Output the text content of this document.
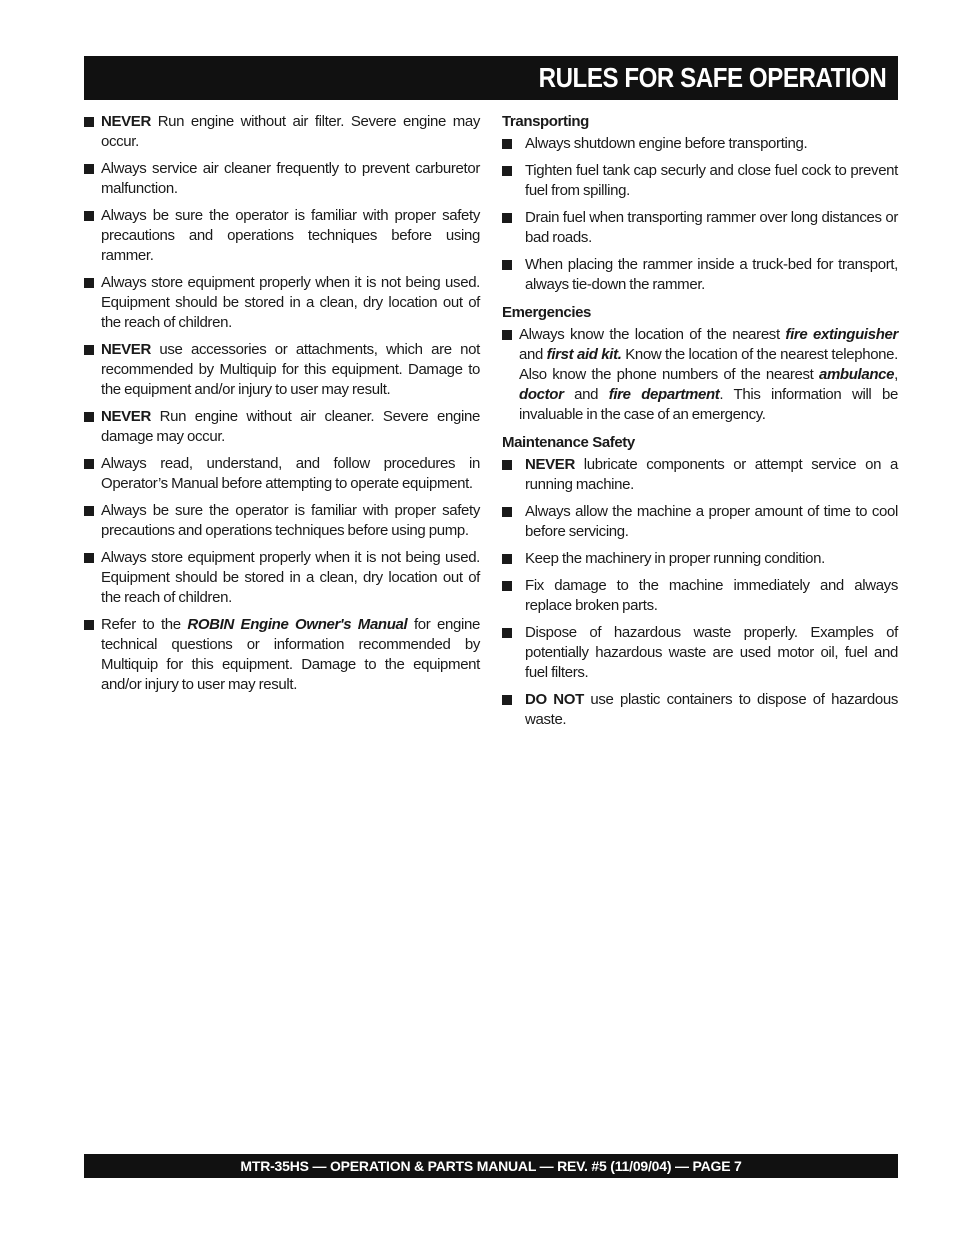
RULES FOR SAFE OPERATION
NEVER Run engine without air filter. Severe engine may occur.
Always service air cleaner frequently to prevent carburetor malfunction.
Always be sure the operator is familiar with proper safety precautions and operations techniques before using rammer.
Always store equipment properly when it is not being used. Equipment should be stored in a clean, dry location out of the reach of children.
NEVER use accessories or attachments, which are not recommended by Multiquip for this equipment. Damage to the equipment and/or injury to user may result.
NEVER Run engine without air cleaner. Severe engine damage may occur.
Always read, understand, and follow procedures in Operator’s Manual before attempting to operate equipment.
Always be sure the operator is familiar with proper safety precautions and operations techniques before using pump.
Always store equipment properly when it is not being used. Equipment should be stored in a clean, dry location out of the reach of children.
Refer to the ROBIN Engine Owner's Manual for engine technical questions or information recommended by Multiquip for this equipment. Damage to the equipment and/or injury to user may result.
Transporting
Always shutdown engine before transporting.
Tighten fuel tank cap securly and close fuel cock to prevent fuel from spilling.
Drain fuel when transporting rammer over long distances or bad roads.
When placing the rammer inside a truck-bed for transport, always tie-down the rammer.
Emergencies
Always know the location of the nearest fire extinguisher and first aid kit. Know the location of the nearest telephone. Also know the phone numbers of the nearest ambulance, doctor and fire department. This information will be invaluable in the case of an emergency.
Maintenance Safety
NEVER lubricate components or attempt service on a running machine.
Always allow the machine a proper amount of time to cool before servicing.
Keep the machinery in proper running condition.
Fix damage to the machine immediately and always replace broken parts.
Dispose of hazardous waste properly. Examples of potentially hazardous waste are used motor oil, fuel and fuel filters.
DO NOT use plastic containers to dispose of hazardous waste.
MTR-35HS — OPERATION & PARTS MANUAL — REV. #5 (11/09/04) — PAGE 7
